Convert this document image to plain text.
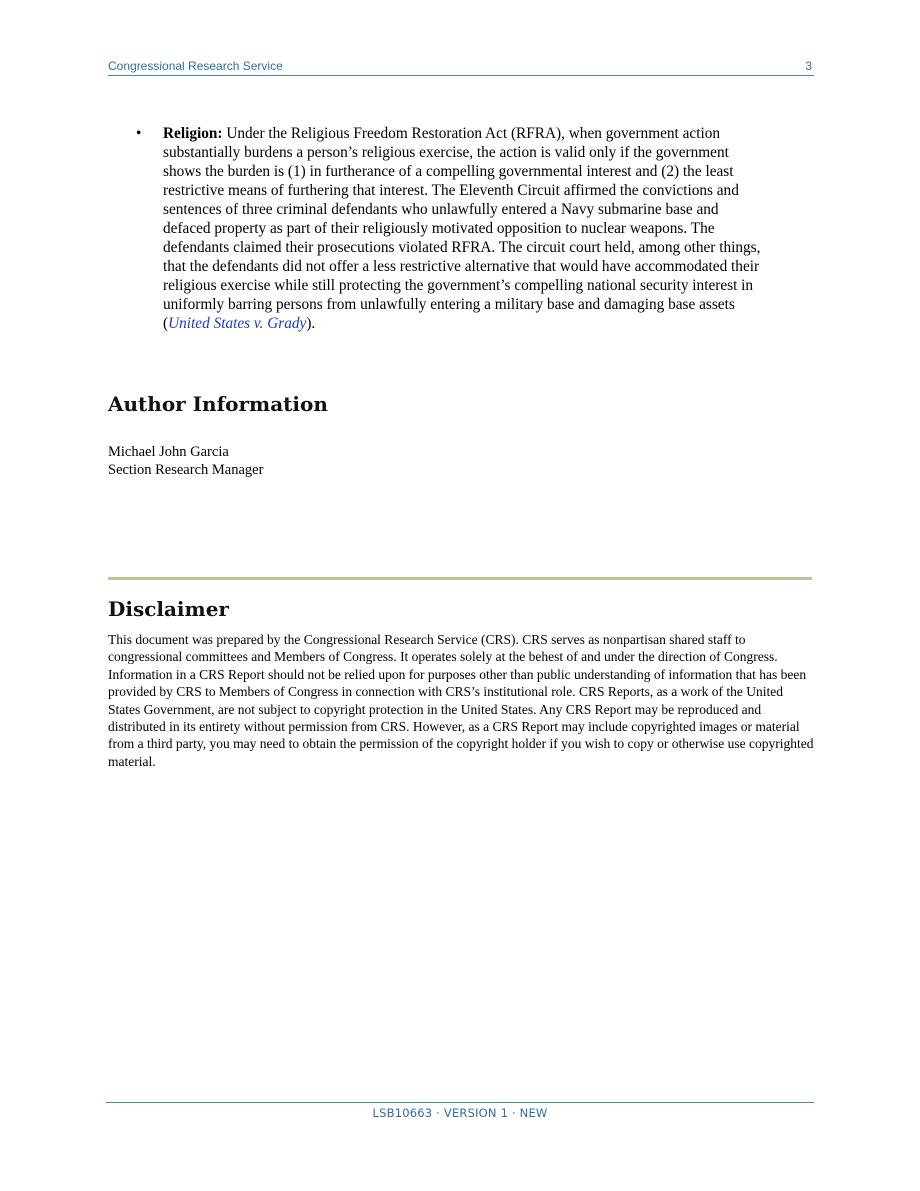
Congressional Research Service	3
• Religion: Under the Religious Freedom Restoration Act (RFRA), when government action substantially burdens a person’s religious exercise, the action is valid only if the government shows the burden is (1) in furtherance of a compelling governmental interest and (2) the least restrictive means of furthering that interest. The Eleventh Circuit affirmed the convictions and sentences of three criminal defendants who unlawfully entered a Navy submarine base and defaced property as part of their religiously motivated opposition to nuclear weapons. The defendants claimed their prosecutions violated RFRA. The circuit court held, among other things, that the defendants did not offer a less restrictive alternative that would have accommodated their religious exercise while still protecting the government’s compelling national security interest in uniformly barring persons from unlawfully entering a military base and damaging base assets (United States v. Grady).
Author Information
Michael John Garcia
Section Research Manager
Disclaimer

This document was prepared by the Congressional Research Service (CRS). CRS serves as nonpartisan shared staff to congressional committees and Members of Congress. It operates solely at the behest of and under the direction of Congress. Information in a CRS Report should not be relied upon for purposes other than public understanding of information that has been provided by CRS to Members of Congress in connection with CRS’s institutional role. CRS Reports, as a work of the United States Government, are not subject to copyright protection in the United States. Any CRS Report may be reproduced and distributed in its entirety without permission from CRS. However, as a CRS Report may include copyrighted images or material from a third party, you may need to obtain the permission of the copyright holder if you wish to copy or otherwise use copyrighted material.

LSB10663 · VERSION 1 · NEW
